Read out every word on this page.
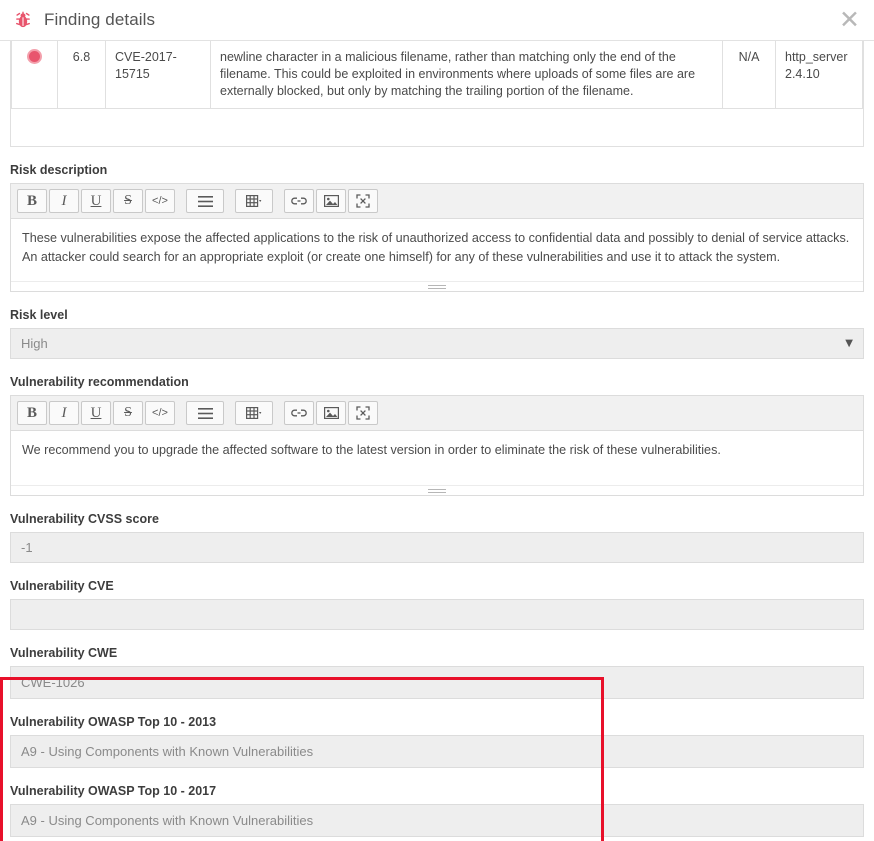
Finding details	✕
	6.8	CVE-2017-15715	newline character in a malicious filename, rather than matching only the end of the filename. This could be exploited in environments where uploads of some files are are externally blocked, but only by matching the trailing portion of the filename.	N/A	http_server 2.4.10
Risk description
B I U S </>
These vulnerabilities expose the affected applications to the risk of unauthorized access to confidential data and possibly to denial of service attacks. An attacker could search for an appropriate exploit (or create one himself) for any of these vulnerabilities and use it to attack the system.
Risk level
High	▼
Vulnerability recommendation
B I U S </>
We recommend you to upgrade the affected software to the latest version in order to eliminate the risk of these vulnerabilities.
Vulnerability CVSS score
-1
Vulnerability CVE
Vulnerability CWE
CWE-1026
Vulnerability OWASP Top 10 - 2013
A9 - Using Components with Known Vulnerabilities
Vulnerability OWASP Top 10 - 2017
A9 - Using Components with Known Vulnerabilities
